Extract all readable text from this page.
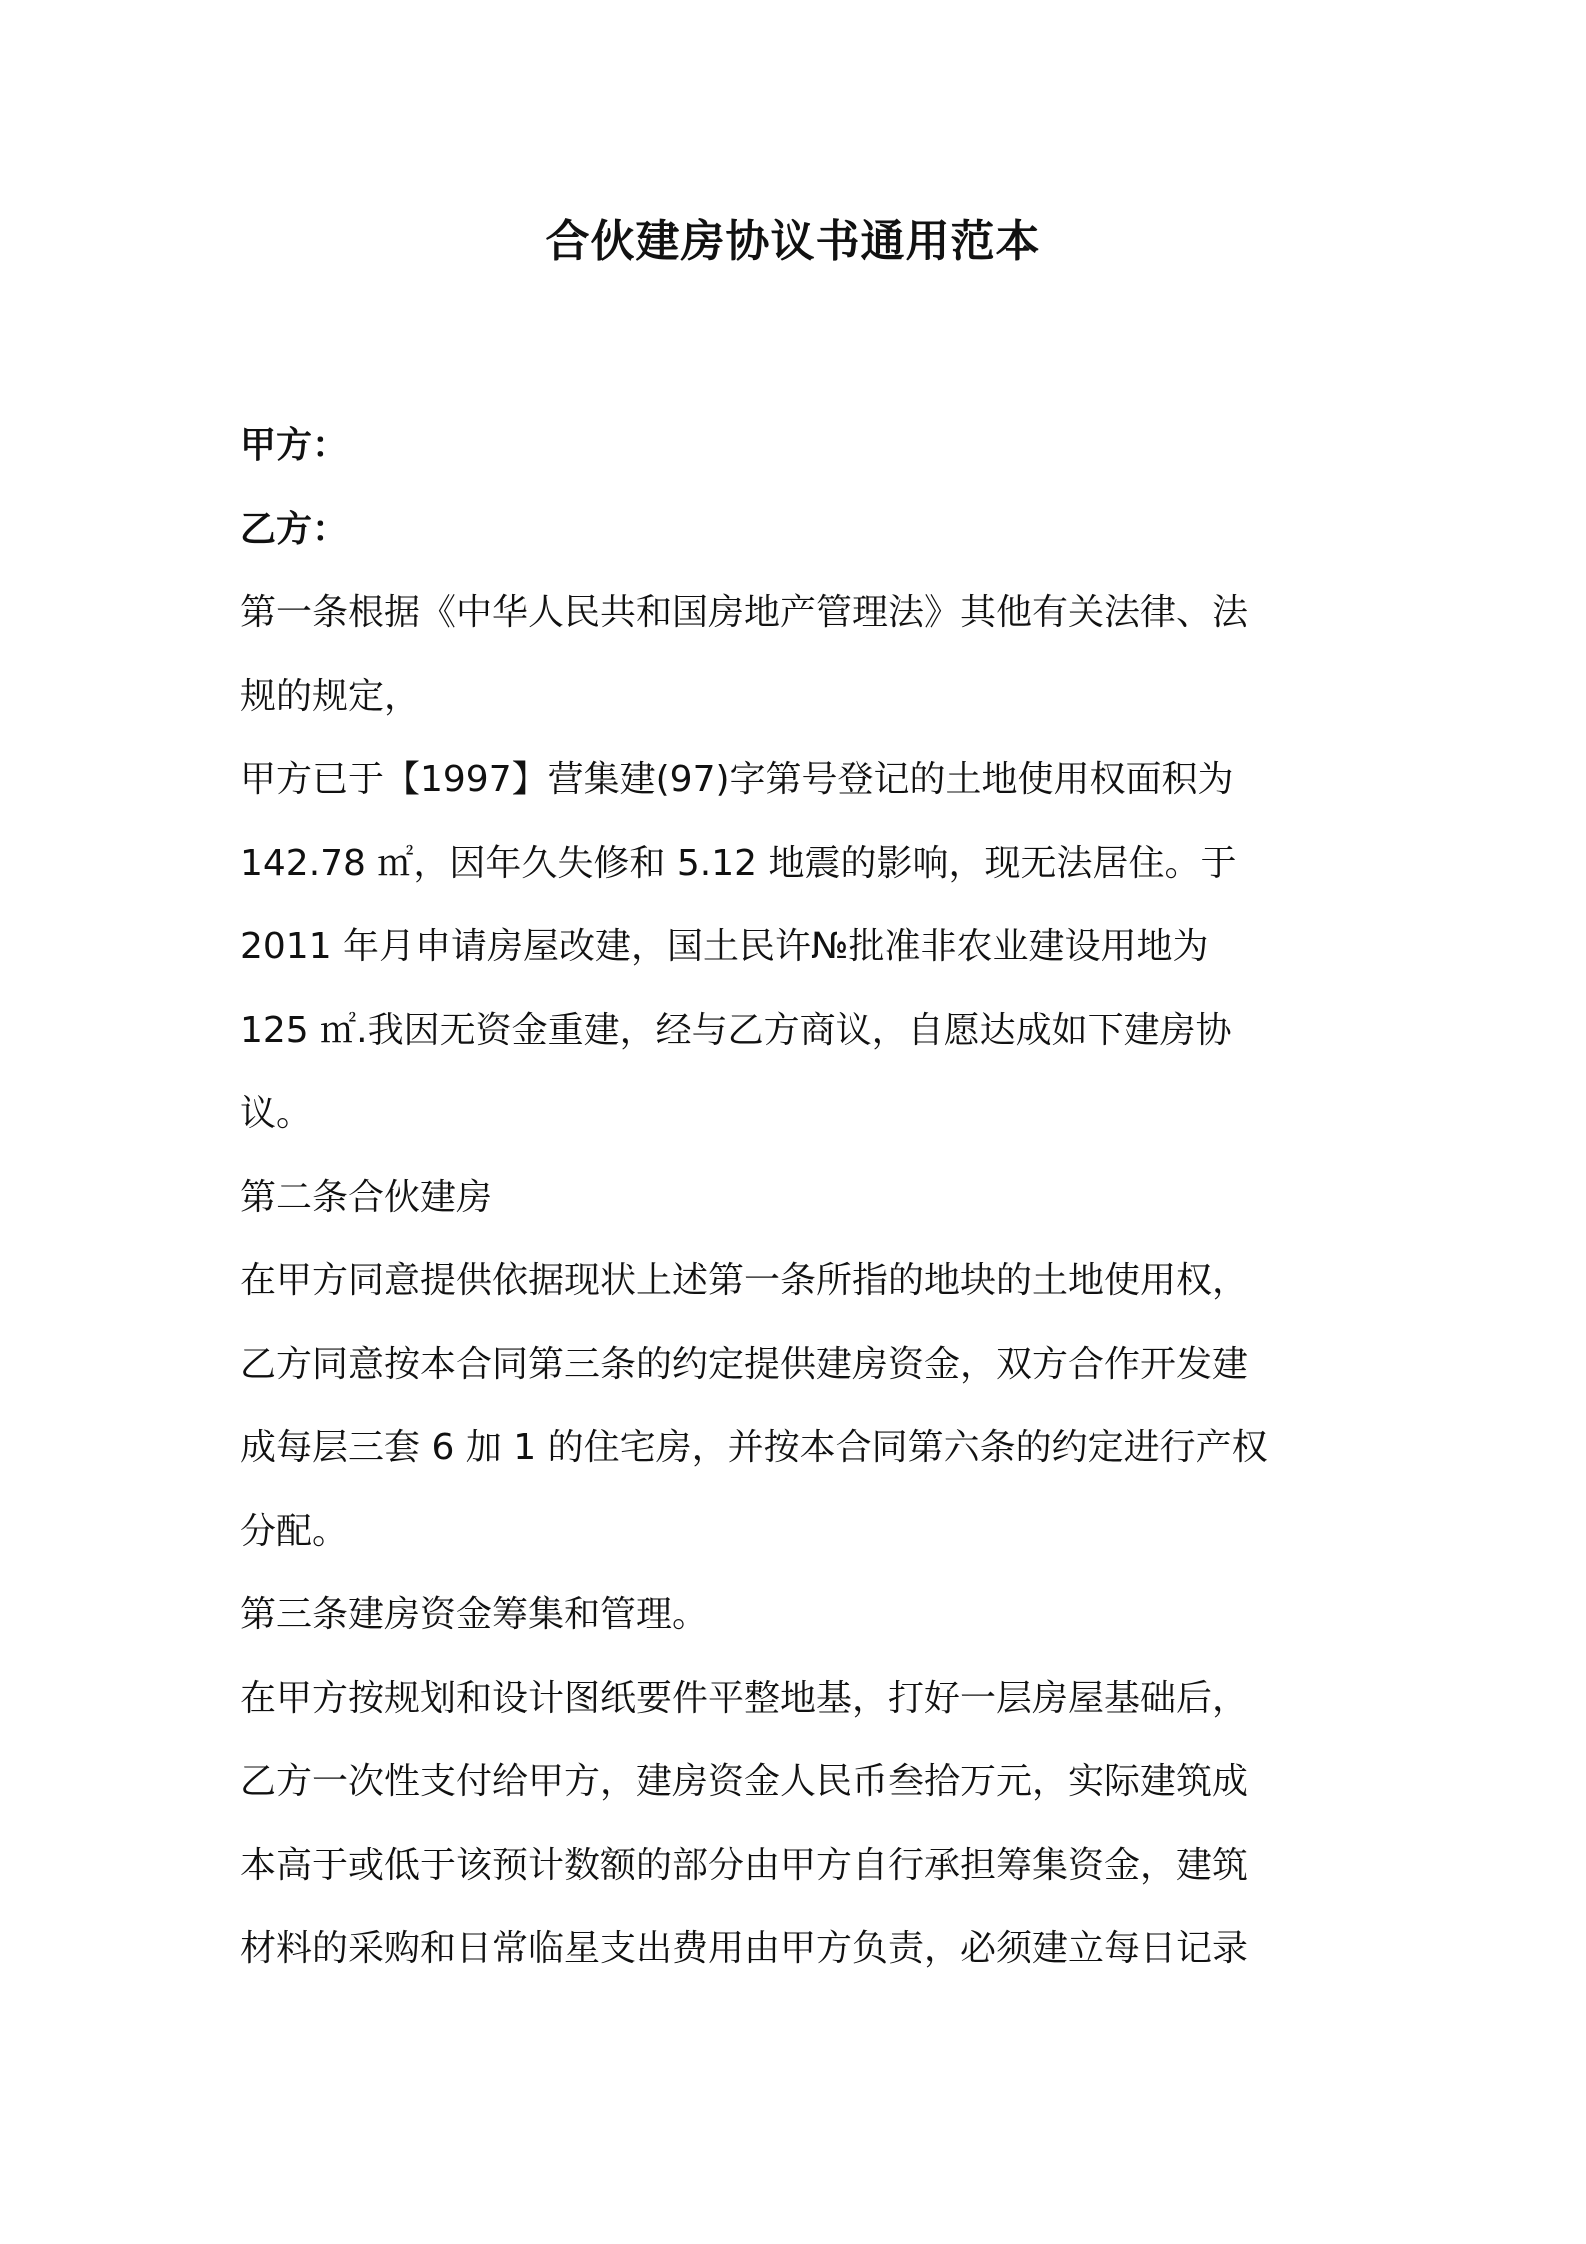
合伙建房协议书通用范本
甲方：
乙方：
第一条根据《中华人民共和国房地产管理法》其他有关法律、法
规的规定，
甲方已于【1997】营集建(97)字第号登记的土地使用权面积为
142.78 ㎡，因年久失修和 5.12 地震的影响，现无法居住。于
2011 年月申请房屋改建，国土民许№批准非农业建设用地为
125 ㎡.我因无资金重建，经与乙方商议，自愿达成如下建房协
议。
第二条合伙建房
在甲方同意提供依据现状上述第一条所指的地块的土地使用权，
乙方同意按本合同第三条的约定提供建房资金，双方合作开发建
成每层三套 6 加 1 的住宅房，并按本合同第六条的约定进行产权
分配。
第三条建房资金筹集和管理。
在甲方按规划和设计图纸要件平整地基，打好一层房屋基础后，
乙方一次性支付给甲方，建房资金人民币叁拾万元，实际建筑成
本高于或低于该预计数额的部分由甲方自行承担筹集资金，建筑
材料的采购和日常临星支出费用由甲方负责，必须建立每日记录
